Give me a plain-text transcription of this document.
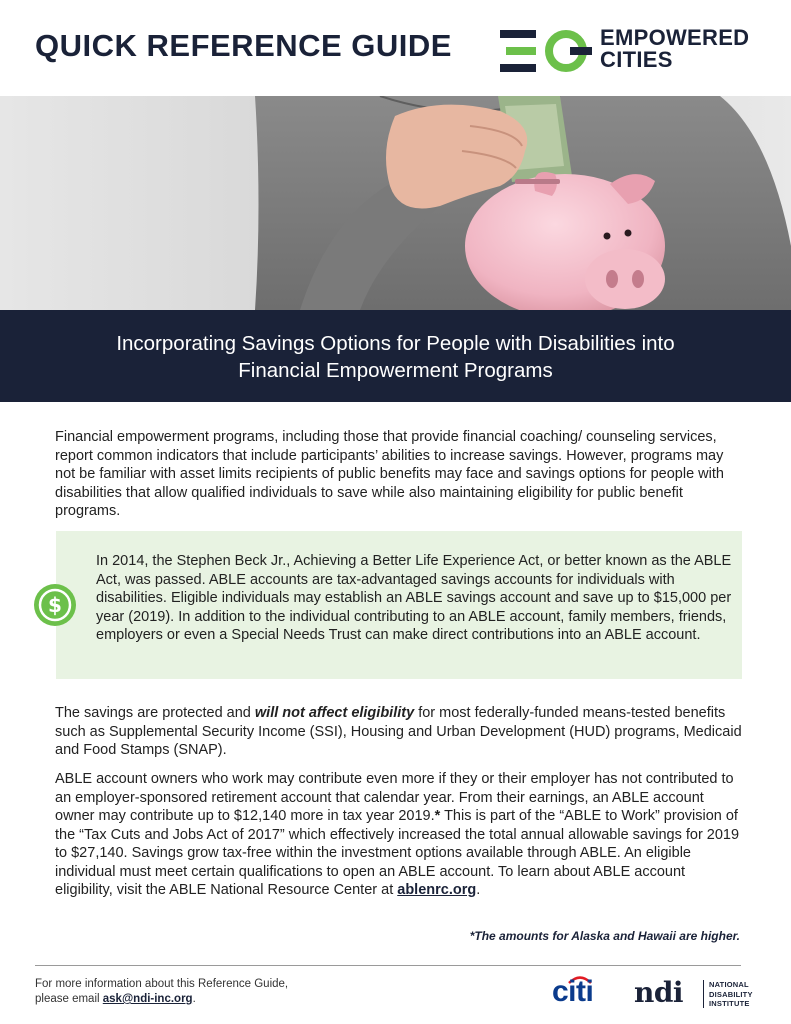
QUICK REFERENCE GUIDE	EMPOWERED
CITIES
Incorporating Savings Options for People with Disabilities into
Financial Empowerment Programs

Financial empowerment programs, including those that provide financial coaching/ counseling services, report common indicators that include participants’ abilities to increase savings. However, programs may not be familiar with asset limits recipients of public benefits may face and savings options for people with disabilities that allow qualified individuals to save while also maintaining eligibility for public benefit programs.

$

In 2014, the Stephen Beck Jr., Achieving a Better Life Experience Act, or better known as the ABLE Act, was passed. ABLE accounts are tax-advantaged savings accounts for individuals with disabilities. Eligible individuals may establish an ABLE savings account and save up to $15,000 per year (2019). In addition to the individual contributing to an ABLE account, family members, friends, employers or even a Special Needs Trust can make direct contributions into an ABLE account.

The savings are protected and will not affect eligibility for most federally-funded means-tested benefits such as Supplemental Security Income (SSI), Housing and Urban Development (HUD) programs, Medicaid and Food Stamps (SNAP).

ABLE account owners who work may contribute even more if they or their employer has not contributed to an employer-sponsored retirement account that calendar year. From their earnings, an ABLE account owner may contribute up to $12,140 more in tax year 2019.* This is part of the “ABLE to Work” provision of the “Tax Cuts and Jobs Act of 2017” which effectively increased the total annual allowable savings for 2019 to $27,140. Savings grow tax-free within the investment options available through ABLE. An eligible individual must meet certain qualifications to open an ABLE account. To learn about ABLE account eligibility, visit the ABLE National Resource Center at ablenrc.org.

*The amounts for Alaska and Hawaii are higher.
For more information about this Reference Guide,
please email ask@ndi-inc.org.	citi ndi	NATIONAL
DISABILITY
INSTITUTE
